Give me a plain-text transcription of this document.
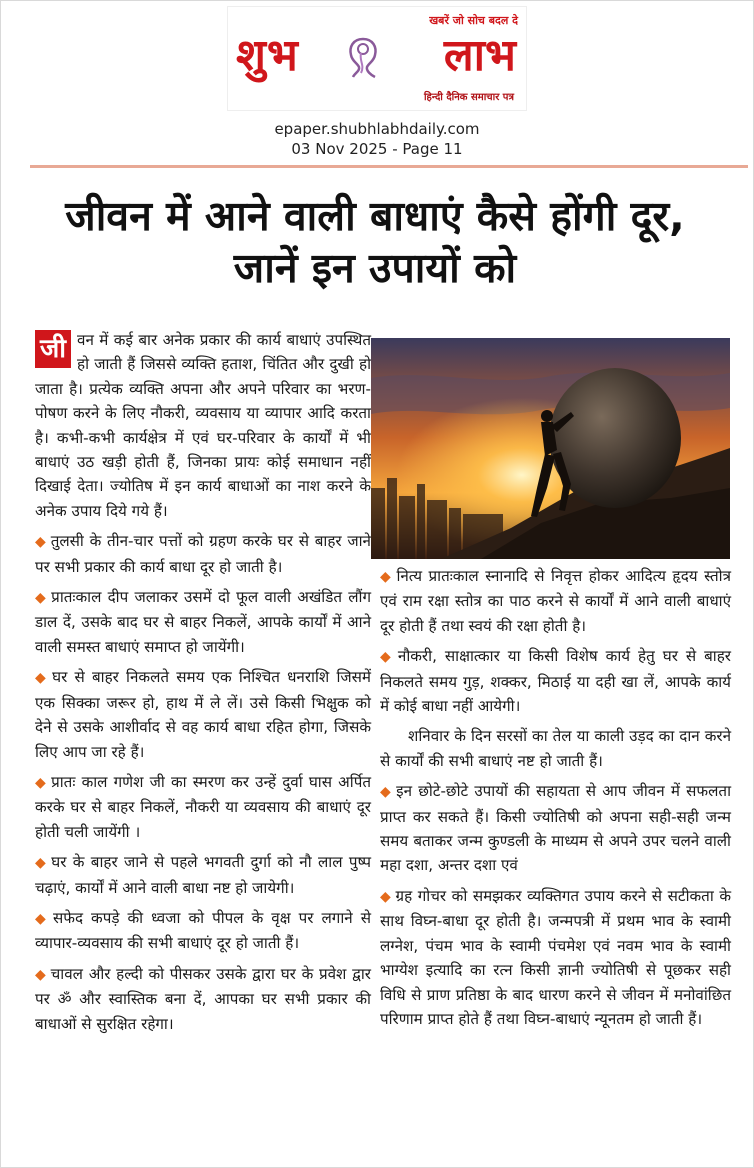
खबरें जो सोच बदल दे
शुभ	लाभ
हिन्दी दैनिक समाचार पत्र
epaper.shubhlabhdaily.com
03 Nov 2025 - Page 11
जीवन में आने वाली बाधाएं कैसे होंगी दूर, जानें इन उपायों को

जी वन में कई बार अनेक प्रकार की कार्य बाधाएं उपस्थित हो जाती हैं जिससे व्यक्ति हताश, चिंतित और दुखी हो जाता है। प्रत्येक व्यक्ति अपना और अपने परिवार का भरण-पोषण करने के लिए नौकरी, व्यवसाय या व्यापार आदि करता है। कभी-कभी कार्यक्षेत्र में एवं घर-परिवार के कार्यों में भी बाधाएं उठ खड़ी होती हैं, जिनका प्रायः कोई समाधान नहीं दिखाई देता। ज्योतिष में इन कार्य बाधाओं का नाश करने के अनेक उपाय दिये गये हैं।

◆ तुलसी के तीन-चार पत्तों को ग्रहण करके घर से बाहर जाने पर सभी प्रकार की कार्य बाधा दूर हो जाती है।

◆ प्रातःकाल दीप जलाकर उसमें दो फूल वाली अखंडित लौंग डाल दें, उसके बाद घर से बाहर निकलें, आपके कार्यों में आने वाली समस्त बाधाएं समाप्त हो जायेंगी।

◆ घर से बाहर निकलते समय एक निश्चित धनराशि जिसमें एक सिक्का जरूर हो, हाथ में ले लें। उसे किसी भिक्षुक को देने से उसके आशीर्वाद से वह कार्य बाधा रहित होगा, जिसके लिए आप जा रहे हैं।

◆ प्रातः काल गणेश जी का स्मरण कर उन्हें दुर्वा घास अर्पित करके घर से बाहर निकलें, नौकरी या व्यवसाय की बाधाएं दूर होती चली जायेंगी ।

◆ घर के बाहर जाने से पहले भगवती दुर्गा को नौ लाल पुष्प चढ़ाएं, कार्यों में आने वाली बाधा नष्ट हो जायेगी।

◆ सफेद कपड़े की ध्वजा को पीपल के वृक्ष पर लगाने से व्यापार-व्यवसाय की सभी बाधाएं दूर हो जाती हैं।

◆ चावल और हल्दी को पीसकर उसके द्वारा घर के प्रवेश द्वार पर ॐ और स्वास्तिक बना दें, आपका घर सभी प्रकार की बाधाओं से सुरक्षित रहेगा।

◆ नित्य प्रातःकाल स्नानादि से निवृत्त होकर आदित्य हृदय स्तोत्र एवं राम रक्षा स्तोत्र का पाठ करने से कार्यों में आने वाली बाधाएं दूर होती हैं तथा स्वयं की रक्षा होती है।

◆ नौकरी, साक्षात्कार या किसी विशेष कार्य हेतु घर से बाहर निकलते समय गुड़, शक्कर, मिठाई या दही खा लें, आपके कार्य में कोई बाधा नहीं आयेगी।

शनिवार के दिन सरसों का तेल या काली उड़द का दान करने से कार्यों की सभी बाधाएं नष्ट हो जाती हैं।

◆ इन छोटे-छोटे उपायों की सहायता से आप जीवन में सफलता प्राप्त कर सकते हैं। किसी ज्योतिषी को अपना सही-सही जन्म समय बताकर जन्म कुण्डली के माध्यम से अपने उपर चलने वाली महा दशा, अन्तर दशा एवं

◆ ग्रह गोचर को समझकर व्यक्तिगत उपाय करने से सटीकता के साथ विघ्न-बाधा दूर होती है। जन्मपत्री में प्रथम भाव के स्वामी लग्नेश, पंचम भाव के स्वामी पंचमेश एवं नवम भाव के स्वामी भाग्येश इत्यादि का रत्न किसी ज्ञानी ज्योतिषी से पूछकर सही विधि से प्राण प्रतिष्ठा के बाद धारण करने से जीवन में मनोवांछित परिणाम प्राप्त होते हैं तथा विघ्न-बाधाएं न्यूनतम हो जाती हैं।
